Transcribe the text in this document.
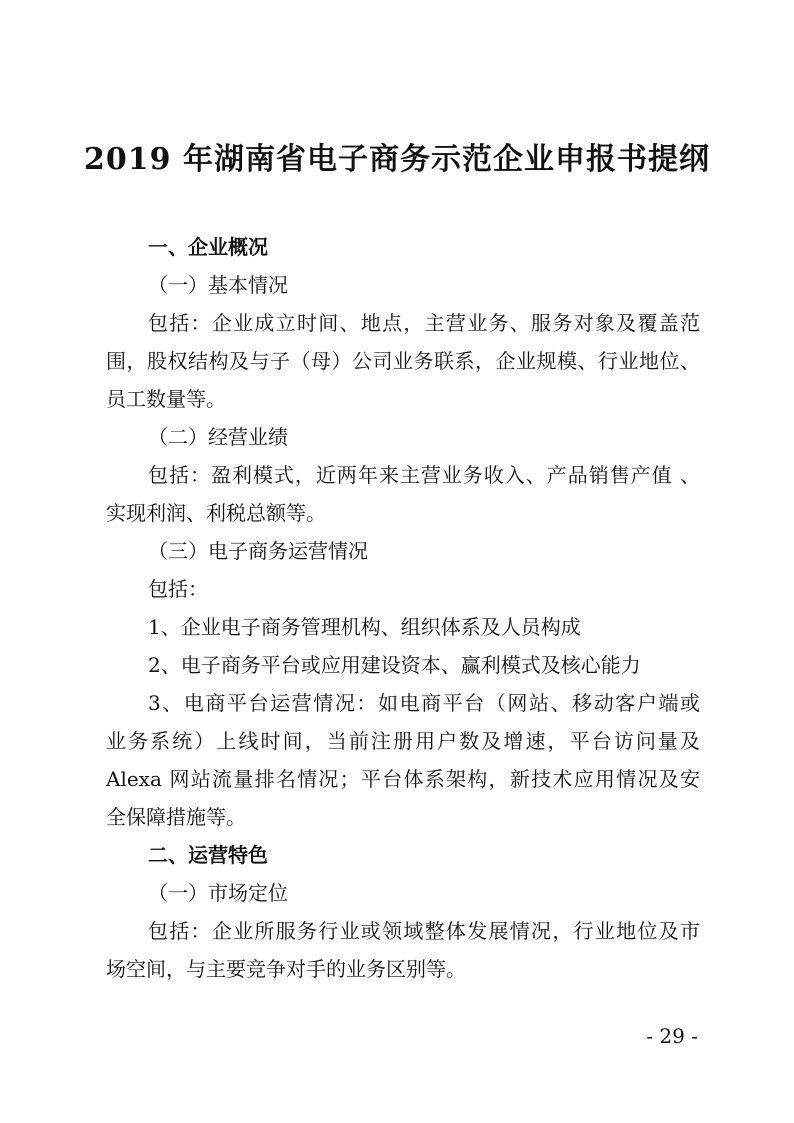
2019 年湖南省电子商务示范企业申报书提纲

一、企业概况

（一）基本情况

包括：企业成立时间、地点，主营业务、服务对象及覆盖范

围，股权结构及与子（母）公司业务联系，企业规模、行业地位、

员工数量等。

（二）经营业绩

包括：盈利模式，近两年来主营业务收入、产品销售产值 、

实现利润、利税总额等。

（三）电子商务运营情况

包括：

1、企业电子商务管理机构、组织体系及人员构成

2、电子商务平台或应用建设资本、赢利模式及核心能力

3、电商平台运营情况：如电商平台（网站、移动客户端或

业务系统）上线时间，当前注册用户数及增速，平台访问量及

Alexa 网站流量排名情况；平台体系架构，新技术应用情况及安

全保障措施等。

二、运营特色

（一）市场定位

包括：企业所服务行业或领域整体发展情况，行业地位及市

场空间，与主要竞争对手的业务区别等。

- 29 -
